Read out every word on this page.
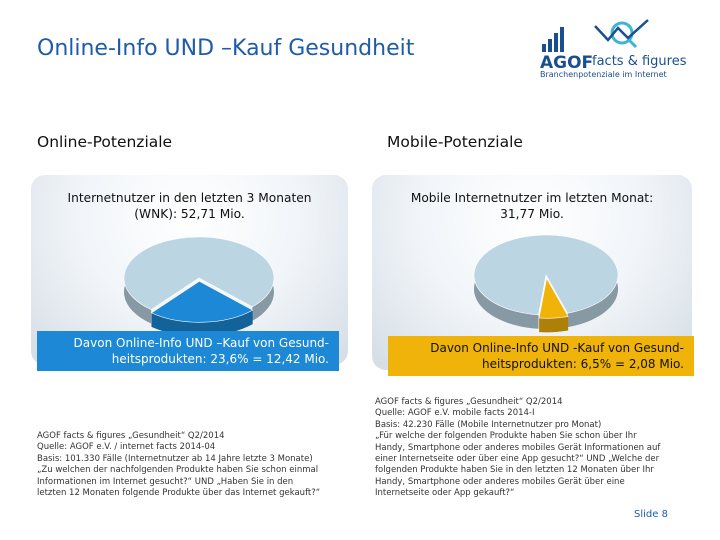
Online-Info UND –Kauf Gesundheit
AGOF
facts & figures
Branchenpotenziale im Internet
Online-Potenziale	Mobile-Potenziale
Internetnutzer in den letzten 3 Monaten
(WNK): 52,71 Mio.
Mobile Internetnutzer im letzten Monat:
31,77 Mio.
Davon Online-Info UND –Kauf von Gesund-
heitsprodukten: 23,6% = 12,42 Mio.
Davon Online-Info UND -Kauf von Gesund-
heitsprodukten: 6,5% = 2,08 Mio.
AGOF facts & figures „Gesundheit“ Q2/2014
Quelle: AGOF e.V. / internet facts 2014-04
Basis: 101.330 Fälle (Internetnutzer ab 14 Jahre letzte 3 Monate)
„Zu welchen der nachfolgenden Produkte haben Sie schon einmal
Informationen im Internet gesucht?“ UND „Haben Sie in den
letzten 12 Monaten folgende Produkte über das Internet gekauft?“
AGOF facts & figures „Gesundheit“ Q2/2014
Quelle: AGOF e.V. mobile facts 2014-I
Basis: 42.230 Fälle (Mobile Internetnutzer pro Monat)
„Für welche der folgenden Produkte haben Sie schon über Ihr
Handy, Smartphone oder anderes mobiles Gerät Informationen auf
einer Internetseite oder über eine App gesucht?“ UND „Welche der
folgenden Produkte haben Sie in den letzten 12 Monaten über Ihr
Handy, Smartphone oder anderes mobiles Gerät über eine
Internetseite oder App gekauft?“
Slide 8
